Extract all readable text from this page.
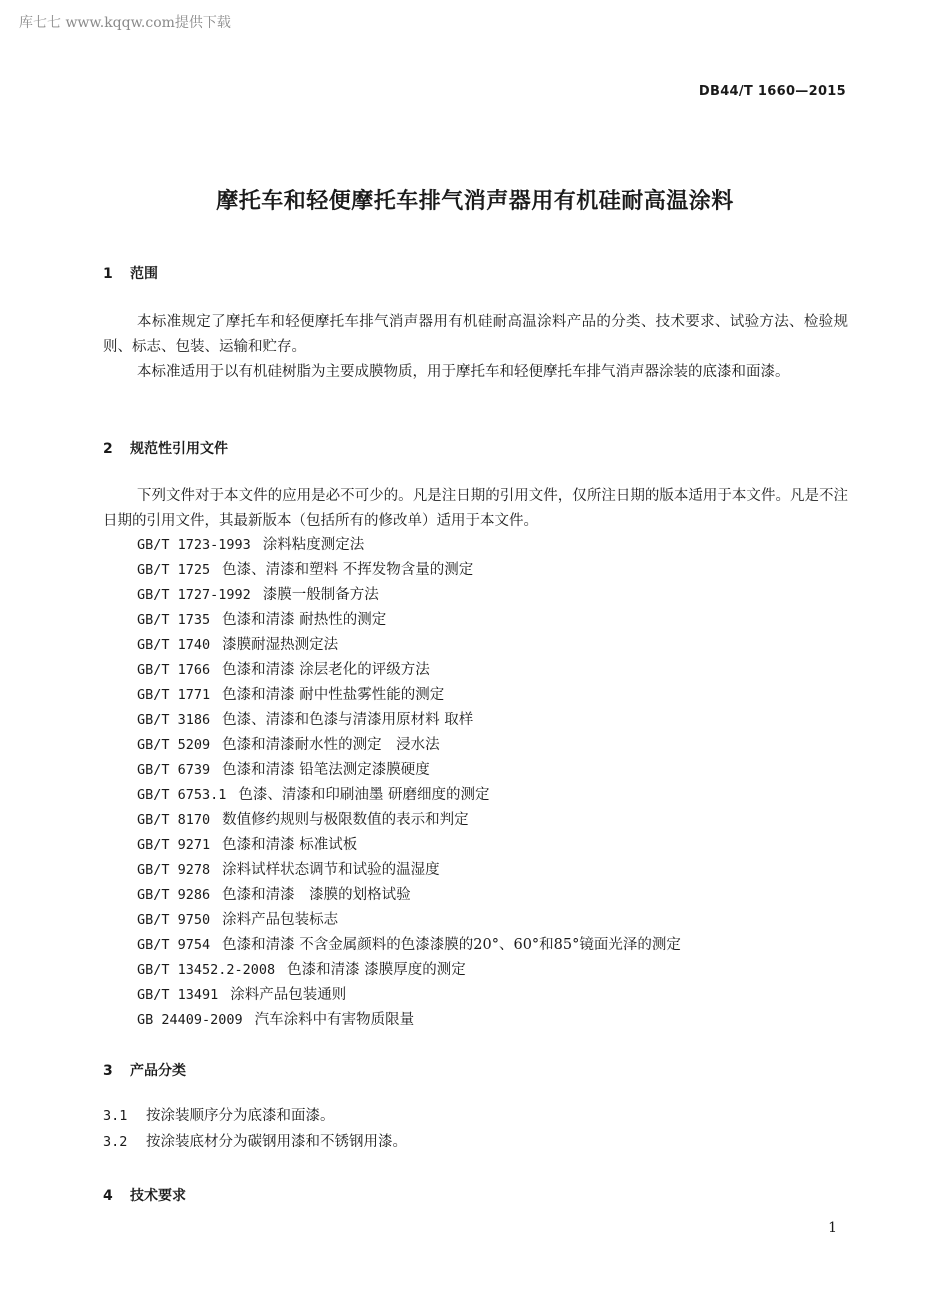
库七七 www.kqqw.com提供下载
DB44/T 1660—2015
摩托车和轻便摩托车排气消声器用有机硅耐高温涂料
1 范围

本标准规定了摩托车和轻便摩托车排气消声器用有机硅耐高温涂料产品的分类、技术要求、试验方法、检验规则、标志、包装、运输和贮存。

本标准适用于以有机硅树脂为主要成膜物质，用于摩托车和轻便摩托车排气消声器涂装的底漆和面漆。

2 规范性引用文件

下列文件对于本文件的应用是必不可少的。凡是注日期的引用文件，仅所注日期的版本适用于本文件。凡是不注日期的引用文件，其最新版本（包括所有的修改单）适用于本文件。

GB/T 1723-1993 涂料粘度测定法
GB/T 1725 色漆、清漆和塑料 不挥发物含量的测定
GB/T 1727-1992 漆膜一般制备方法
GB/T 1735 色漆和清漆 耐热性的测定
GB/T 1740 漆膜耐湿热测定法
GB/T 1766 色漆和清漆 涂层老化的评级方法
GB/T 1771 色漆和清漆 耐中性盐雾性能的测定
GB/T 3186 色漆、清漆和色漆与清漆用原材料 取样
GB/T 5209 色漆和清漆耐水性的测定　浸水法
GB/T 6739 色漆和清漆 铅笔法测定漆膜硬度
GB/T 6753.1 色漆、清漆和印刷油墨 研磨细度的测定
GB/T 8170 数值修约规则与极限数值的表示和判定
GB/T 9271 色漆和清漆 标准试板
GB/T 9278 涂料试样状态调节和试验的温湿度
GB/T 9286 色漆和清漆　漆膜的划格试验
GB/T 9750 涂料产品包装标志
GB/T 9754 色漆和清漆 不含金属颜料的色漆漆膜的20°、60°和85°镜面光泽的测定
GB/T 13452.2-2008 色漆和清漆 漆膜厚度的测定
GB/T 13491 涂料产品包装通则
GB 24409-2009 汽车涂料中有害物质限量
3 产品分类
3.1 按涂装顺序分为底漆和面漆。
3.2 按涂装底材分为碳钢用漆和不锈钢用漆。
4 技术要求
1
